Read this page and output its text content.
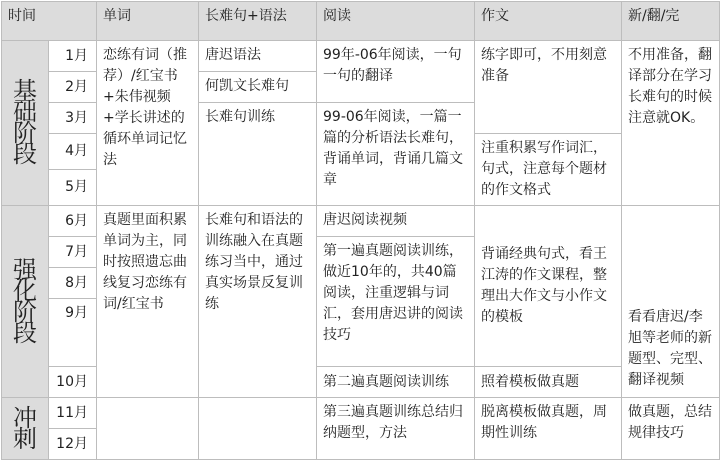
时间		单词	长难句+语法	阅读	作文	新/翻/完
基
础
阶
段	1月	恋练有词（推荐）/红宝书+朱伟视频+学长讲述的循环单词记忆法	唐迟语法	99年-06年阅读，一句一句的翻译	练字即可，不用刻意准备	不用准备，翻译部分在学习长难句的时候注意就OK。
	2月		何凯文长难句			
	3月		长难句训练	99-06年阅读，一篇一篇的分析语法长难句，背诵单词，背诵几篇文章		
	4月				注重积累写作词汇，句式，注意每个题材的作文格式	
	5月					
强
化
阶
段	6月	真题里面积累单词为主，同时按照遗忘曲线复习恋练有词/红宝书	长难句和语法的训练融入在真题练习当中，通过真实场景反复训练	唐迟阅读视频	背诵经典句式，看王江涛的作文课程，整理出大作文与小作文的模板	看看唐迟/李旭等老师的新题型、完型、翻译视频
	7月			第一遍真题阅读训练，做近10年的，共40篇阅读，注重逻辑与词汇，套用唐迟讲的阅读技巧		
	8月					
	9月					
	10月			第二遍真题阅读训练	照着模板做真题	
冲
刺	11月			第三遍真题训练总结归纳题型，方法	脱离模板做真题，周期性训练	做真题，总结规律技巧
	12月					
